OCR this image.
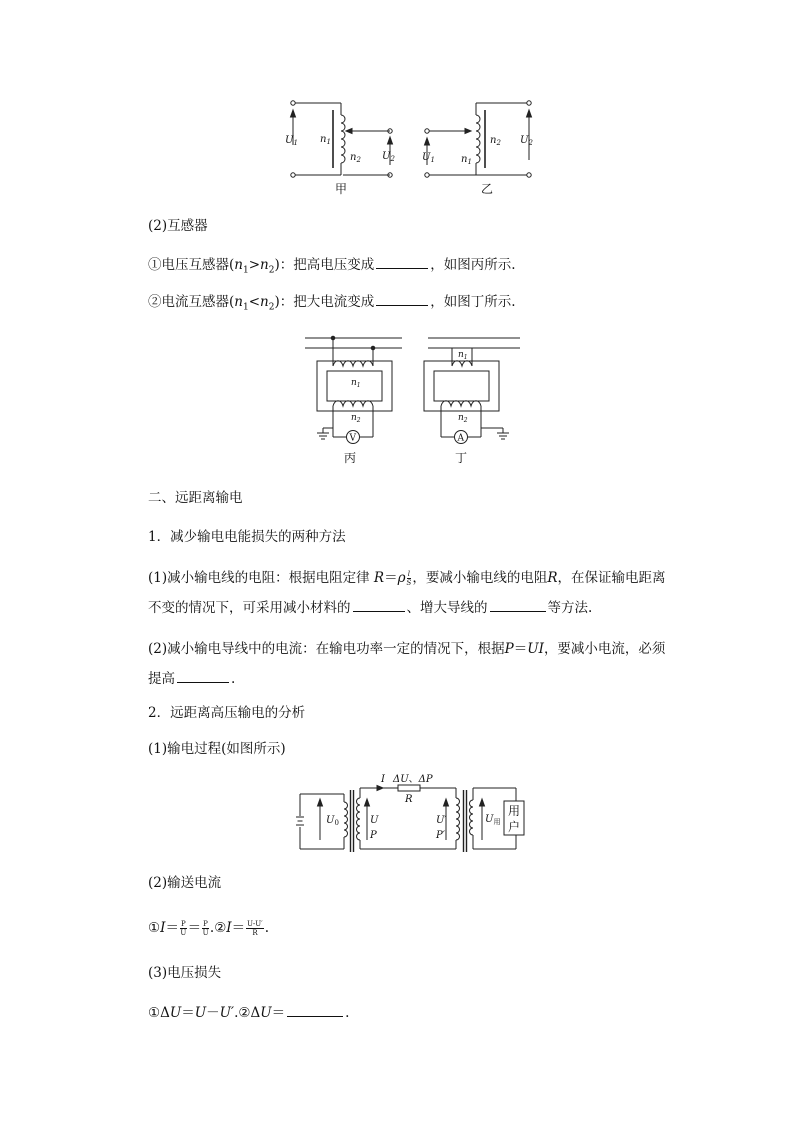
$U_1$ $n_1$
$n_2$ $U_2$	$U_1$	$n_1$
$n_2$ $U_2$
甲	乙
(2)互感器
①电压互感器$(n_1>n_2)$：把高电压变成	，如图丙所示.
②电流互感器$(n_1<n_2)$：把大电流变成	，如图丁所示.
$n_1$
$n_2$
$n_1$
$n_2$
V	A
丙	丁
二、远距离输电
1．减少输电电能损失的两种方法
(1)减小输电线的电阻：根据电阻定律 $R=\rho \frac{l}{S}$ ，要减小输电线的电阻R，在保证输电距离不变的情况下，可采用减小材料的	、增大导线的	等方法.
(2)减小输电导线中的电流：在输电功率一定的情况下，根据P＝UI，要减小电流，必须提高	.
2．远距离高压输电的分析
(1)输电过程(如图所示)
I ΔU、ΔP
R
$U_0$	U
P
U′
P′
$U_用$
用
户
(2)输送电流
①I＝ $\frac{P}{U} = \frac{P}{U}$ .②I＝ $\frac{U-U'}{R}$ .
(3)电压损失
①ΔU＝U－U′.②ΔU＝	.
